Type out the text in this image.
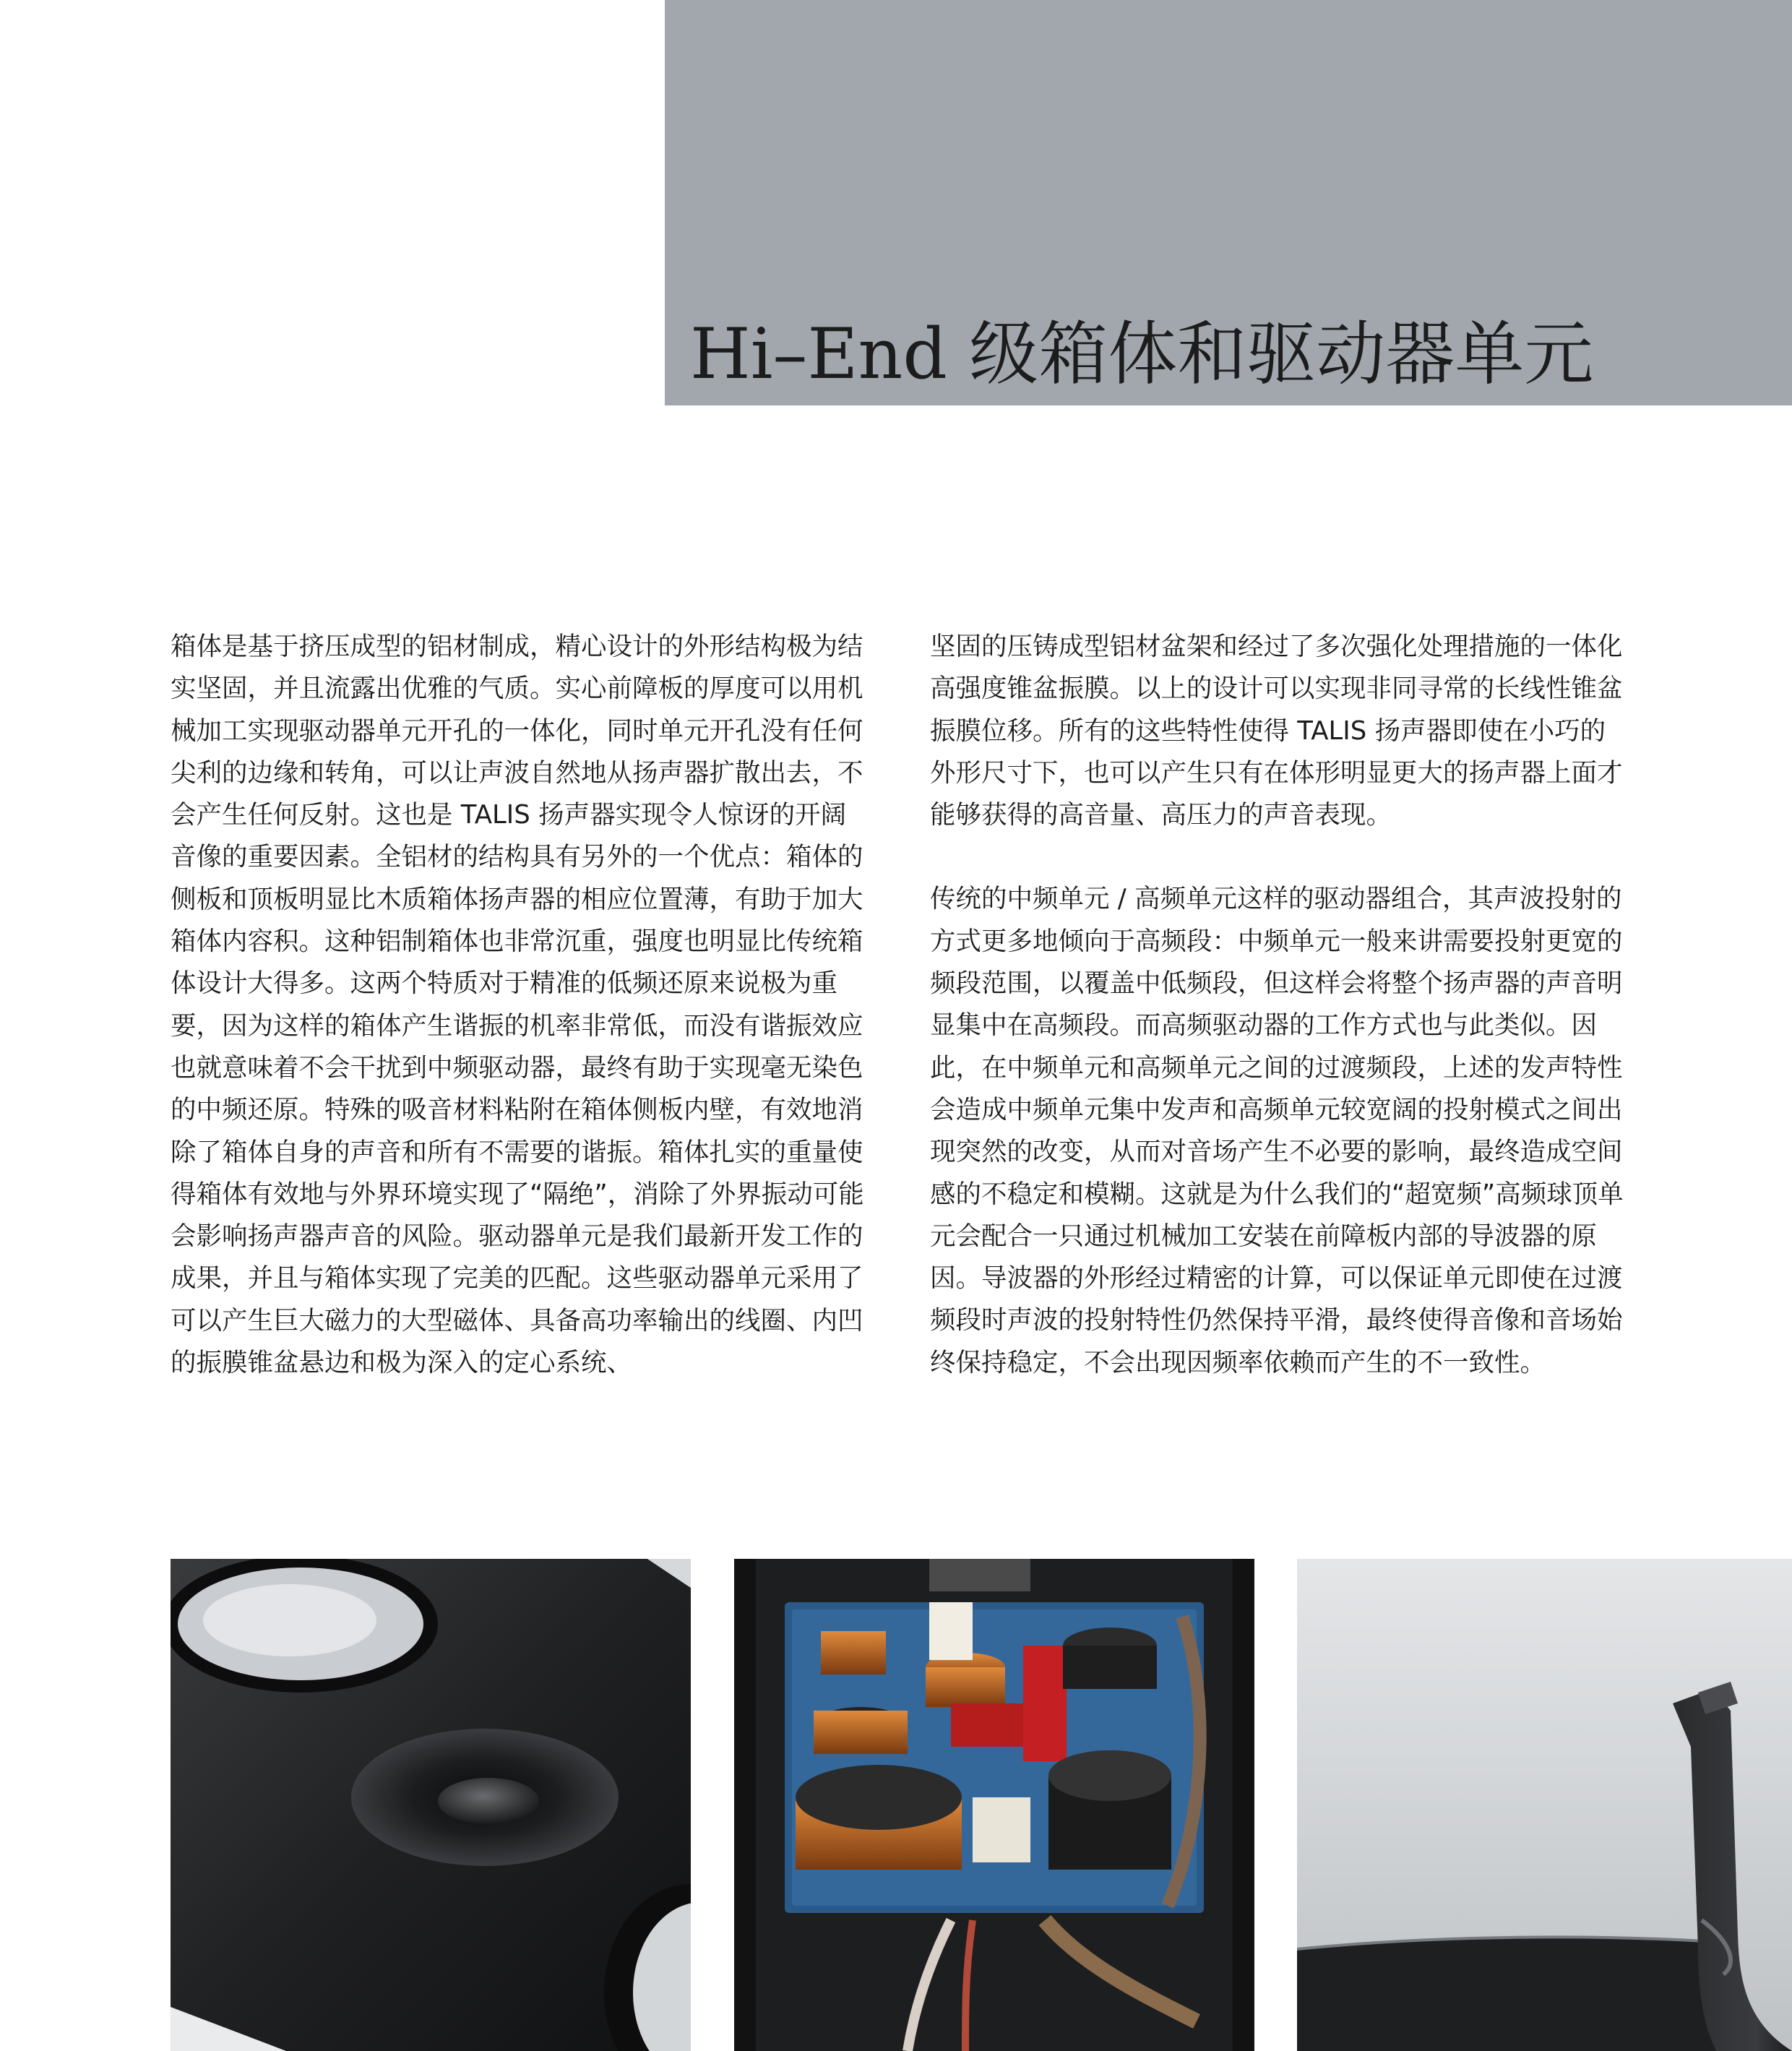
Hi–End 级箱体和驱动器单元

箱体是基于挤压成型的铝材制成，精心设计的外形结构极为结实坚固，并且流露出优雅的气质。实心前障板的厚度可以用机械加工实现驱动器单元开孔的一体化，同时单元开孔没有任何尖利的边缘和转角，可以让声波自然地从扬声器扩散出去，不会产生任何反射。这也是 TALIS 扬声器实现令人惊讶的开阔音像的重要因素。全铝材的结构具有另外的一个优点：箱体的侧板和顶板明显比木质箱体扬声器的相应位置薄，有助于加大箱体内容积。这种铝制箱体也非常沉重，强度也明显比传统箱体设计大得多。这两个特质对于精准的低频还原来说极为重要，因为这样的箱体产生谐振的机率非常低，而没有谐振效应也就意味着不会干扰到中频驱动器，最终有助于实现毫无染色的中频还原。特殊的吸音材料粘附在箱体侧板内壁，有效地消除了箱体自身的声音和所有不需要的谐振。箱体扎实的重量使得箱体有效地与外界环境实现了“隔绝”，消除了外界振动可能会影响扬声器声音的风险。驱动器单元是我们最新开发工作的成果，并且与箱体实现了完美的匹配。这些驱动器单元采用了可以产生巨大磁力的大型磁体、具备高功率输出的线圈、内凹的振膜锥盆悬边和极为深入的定心系统、

坚固的压铸成型铝材盆架和经过了多次强化处理措施的一体化高强度锥盆振膜。以上的设计可以实现非同寻常的长线性锥盆振膜位移。所有的这些特性使得 TALIS 扬声器即使在小巧的外形尺寸下，也可以产生只有在体形明显更大的扬声器上面才能够获得的高音量、高压力的声音表现。

传统的中频单元 / 高频单元这样的驱动器组合，其声波投射的方式更多地倾向于高频段：中频单元一般来讲需要投射更宽的频段范围，以覆盖中低频段，但这样会将整个扬声器的声音明显集中在高频段。而高频驱动器的工作方式也与此类似。因此，在中频单元和高频单元之间的过渡频段，上述的发声特性会造成中频单元集中发声和高频单元较宽阔的投射模式之间出现突然的改变，从而对音场产生不必要的影响，最终造成空间感的不稳定和模糊。这就是为什么我们的“超宽频”高频球顶单元会配合一只通过机械加工安装在前障板内部的导波器的原因。导波器的外形经过精密的计算，可以保证单元即使在过渡频段时声波的投射特性仍然保持平滑，最终使得音像和音场始终保持稳定，不会出现因频率依赖而产生的不一致性。
